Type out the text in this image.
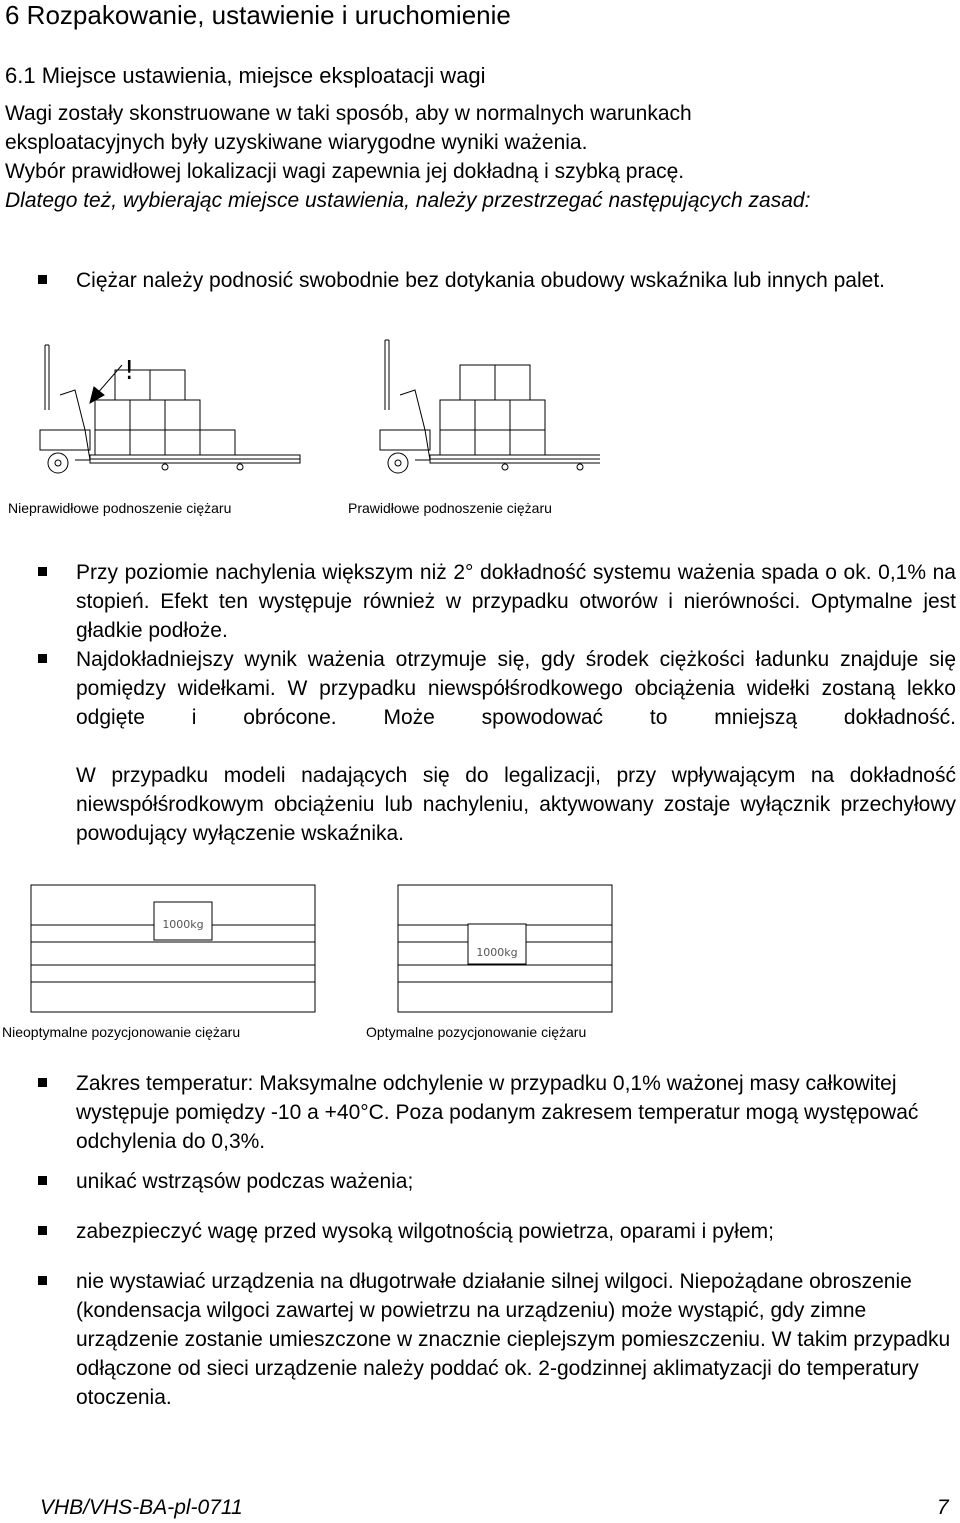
6 Rozpakowanie, ustawienie i uruchomienie
6.1 Miejsce ustawienia, miejsce eksploatacji wagi
Wagi zostały skonstruowane w taki sposób, aby w normalnych warunkach
eksploatacyjnych były uzyskiwane wiarygodne wyniki ważenia.
Wybór prawidłowej lokalizacji wagi zapewnia jej dokładną i szybką pracę.
Dlatego też, wybierając miejsce ustawienia, należy przestrzegać następujących zasad:
Ciężar należy podnosić swobodnie bez dotykania obudowy wskaźnika lub innych palet.
!
Nieprawidłowe podnoszenie ciężaru	Prawidłowe podnoszenie ciężaru
Przy poziomie nachylenia większym niż 2° dokładność systemu ważenia spada o ok. 0,1% na stopień. Efekt ten występuje również w przypadku otworów i nierówności. Optymalne jest gładkie podłoże.
Najdokładniejszy wynik ważenia otrzymuje się, gdy środek ciężkości ładunku znajduje się pomiędzy widełkami. W przypadku niewspółśrodkowego obciążenia widełki zostaną lekko odgięte i obrócone. Może spowodować to mniejszą dokładność.
W przypadku modeli nadających się do legalizacji, przy wpływającym na dokładność niewspółśrodkowym obciążeniu lub nachyleniu, aktywowany zostaje wyłącznik przechyłowy powodujący wyłączenie wskaźnika.
1000kg
1000kg
Nieoptymalne pozycjonowanie ciężaru	Optymalne pozycjonowanie ciężaru
Zakres temperatur: Maksymalne odchylenie w przypadku 0,1% ważonej masy całkowitej występuje pomiędzy -10 a +40°C. Poza podanym zakresem temperatur mogą występować odchylenia do 0,3%.
unikać wstrząsów podczas ważenia;
zabezpieczyć wagę przed wysoką wilgotnością powietrza, oparami i pyłem;
nie wystawiać urządzenia na długotrwałe działanie silnej wilgoci. Niepożądane obroszenie (kondensacja wilgoci zawartej w powietrzu na urządzeniu) może wystąpić, gdy zimne urządzenie zostanie umieszczone w znacznie cieplejszym pomieszczeniu. W takim przypadku odłączone od sieci urządzenie należy poddać ok. 2-godzinnej aklimatyzacji do temperatury otoczenia.
VHB/VHS-BA-pl-0711	7
